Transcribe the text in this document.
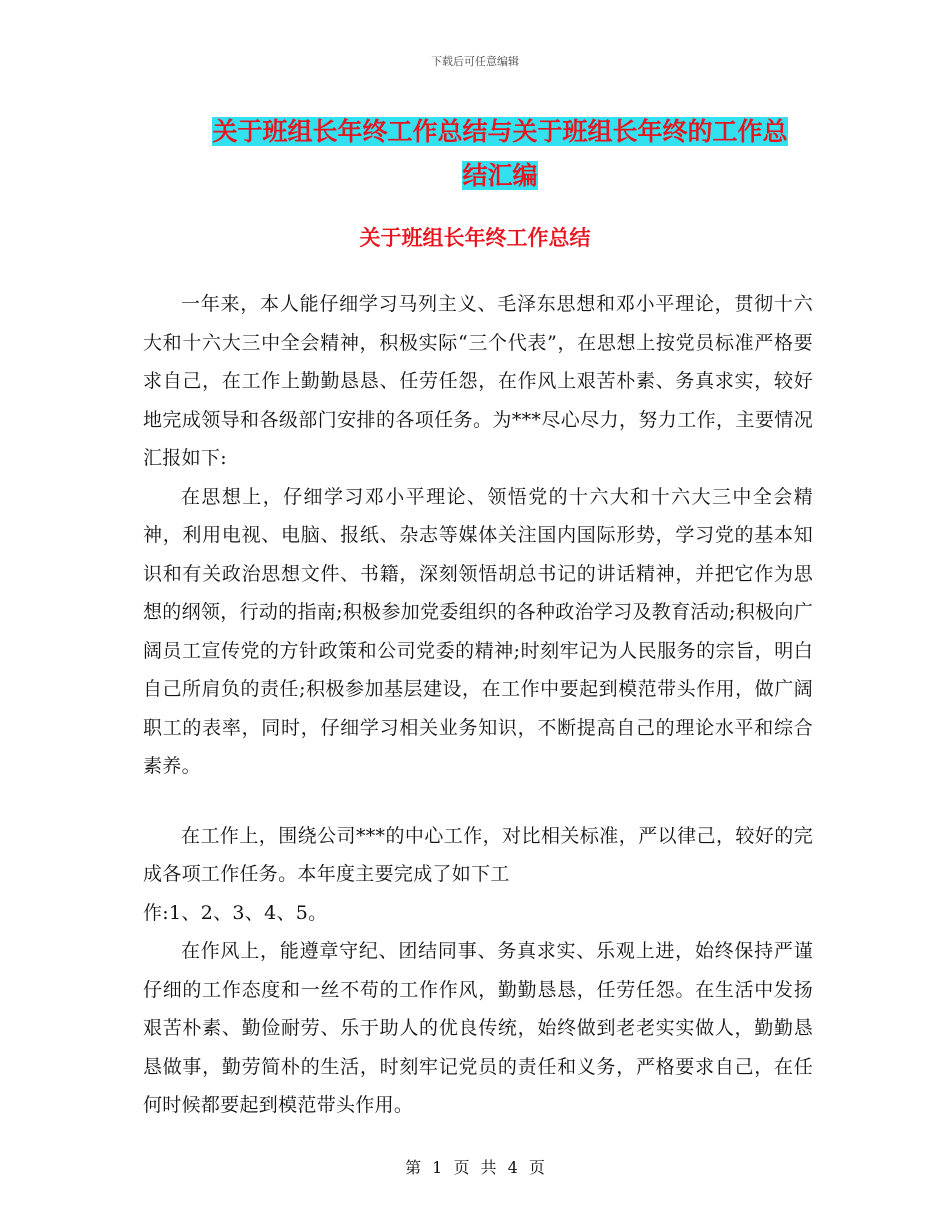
下载后可任意编辑
关于班组长年终工作总结与关于班组长年终的工作总
结汇编
关于班组长年终工作总结

一年来，本人能仔细学习马列主义、毛泽东思想和邓小平理论，贯彻十六大和十六大三中全会精神，积极实际“三个代表”，在思想上按党员标准严格要求自己，在工作上勤勤恳恳、任劳任怨，在作风上艰苦朴素、务真求实，较好地完成领导和各级部门安排的各项任务。为***尽心尽力，努力工作，主要情况汇报如下:

在思想上，仔细学习邓小平理论、领悟党的十六大和十六大三中全会精神，利用电视、电脑、报纸、杂志等媒体关注国内国际形势，学习党的基本知识和有关政治思想文件、书籍，深刻领悟胡总书记的讲话精神，并把它作为思想的纲领，行动的指南;积极参加党委组织的各种政治学习及教育活动;积极向广阔员工宣传党的方针政策和公司党委的精神;时刻牢记为人民服务的宗旨，明白自己所肩负的责任;积极参加基层建设，在工作中要起到模范带头作用，做广阔职工的表率，同时，仔细学习相关业务知识，不断提高自己的理论水平和综合素养。

在工作上，围绕公司***的中心工作，对比相关标准，严以律己，较好的完成各项工作任务。本年度主要完成了如下工

作:1、2、3、4、5。

在作风上，能遵章守纪、团结同事、务真求实、乐观上进，始终保持严谨仔细的工作态度和一丝不苟的工作作风，勤勤恳恳，任劳任怨。在生活中发扬艰苦朴素、勤俭耐劳、乐于助人的优良传统，始终做到老老实实做人，勤勤恳恳做事，勤劳简朴的生活，时刻牢记党员的责任和义务，严格要求自己，在任何时候都要起到模范带头作用。

第 1 页 共 4 页
